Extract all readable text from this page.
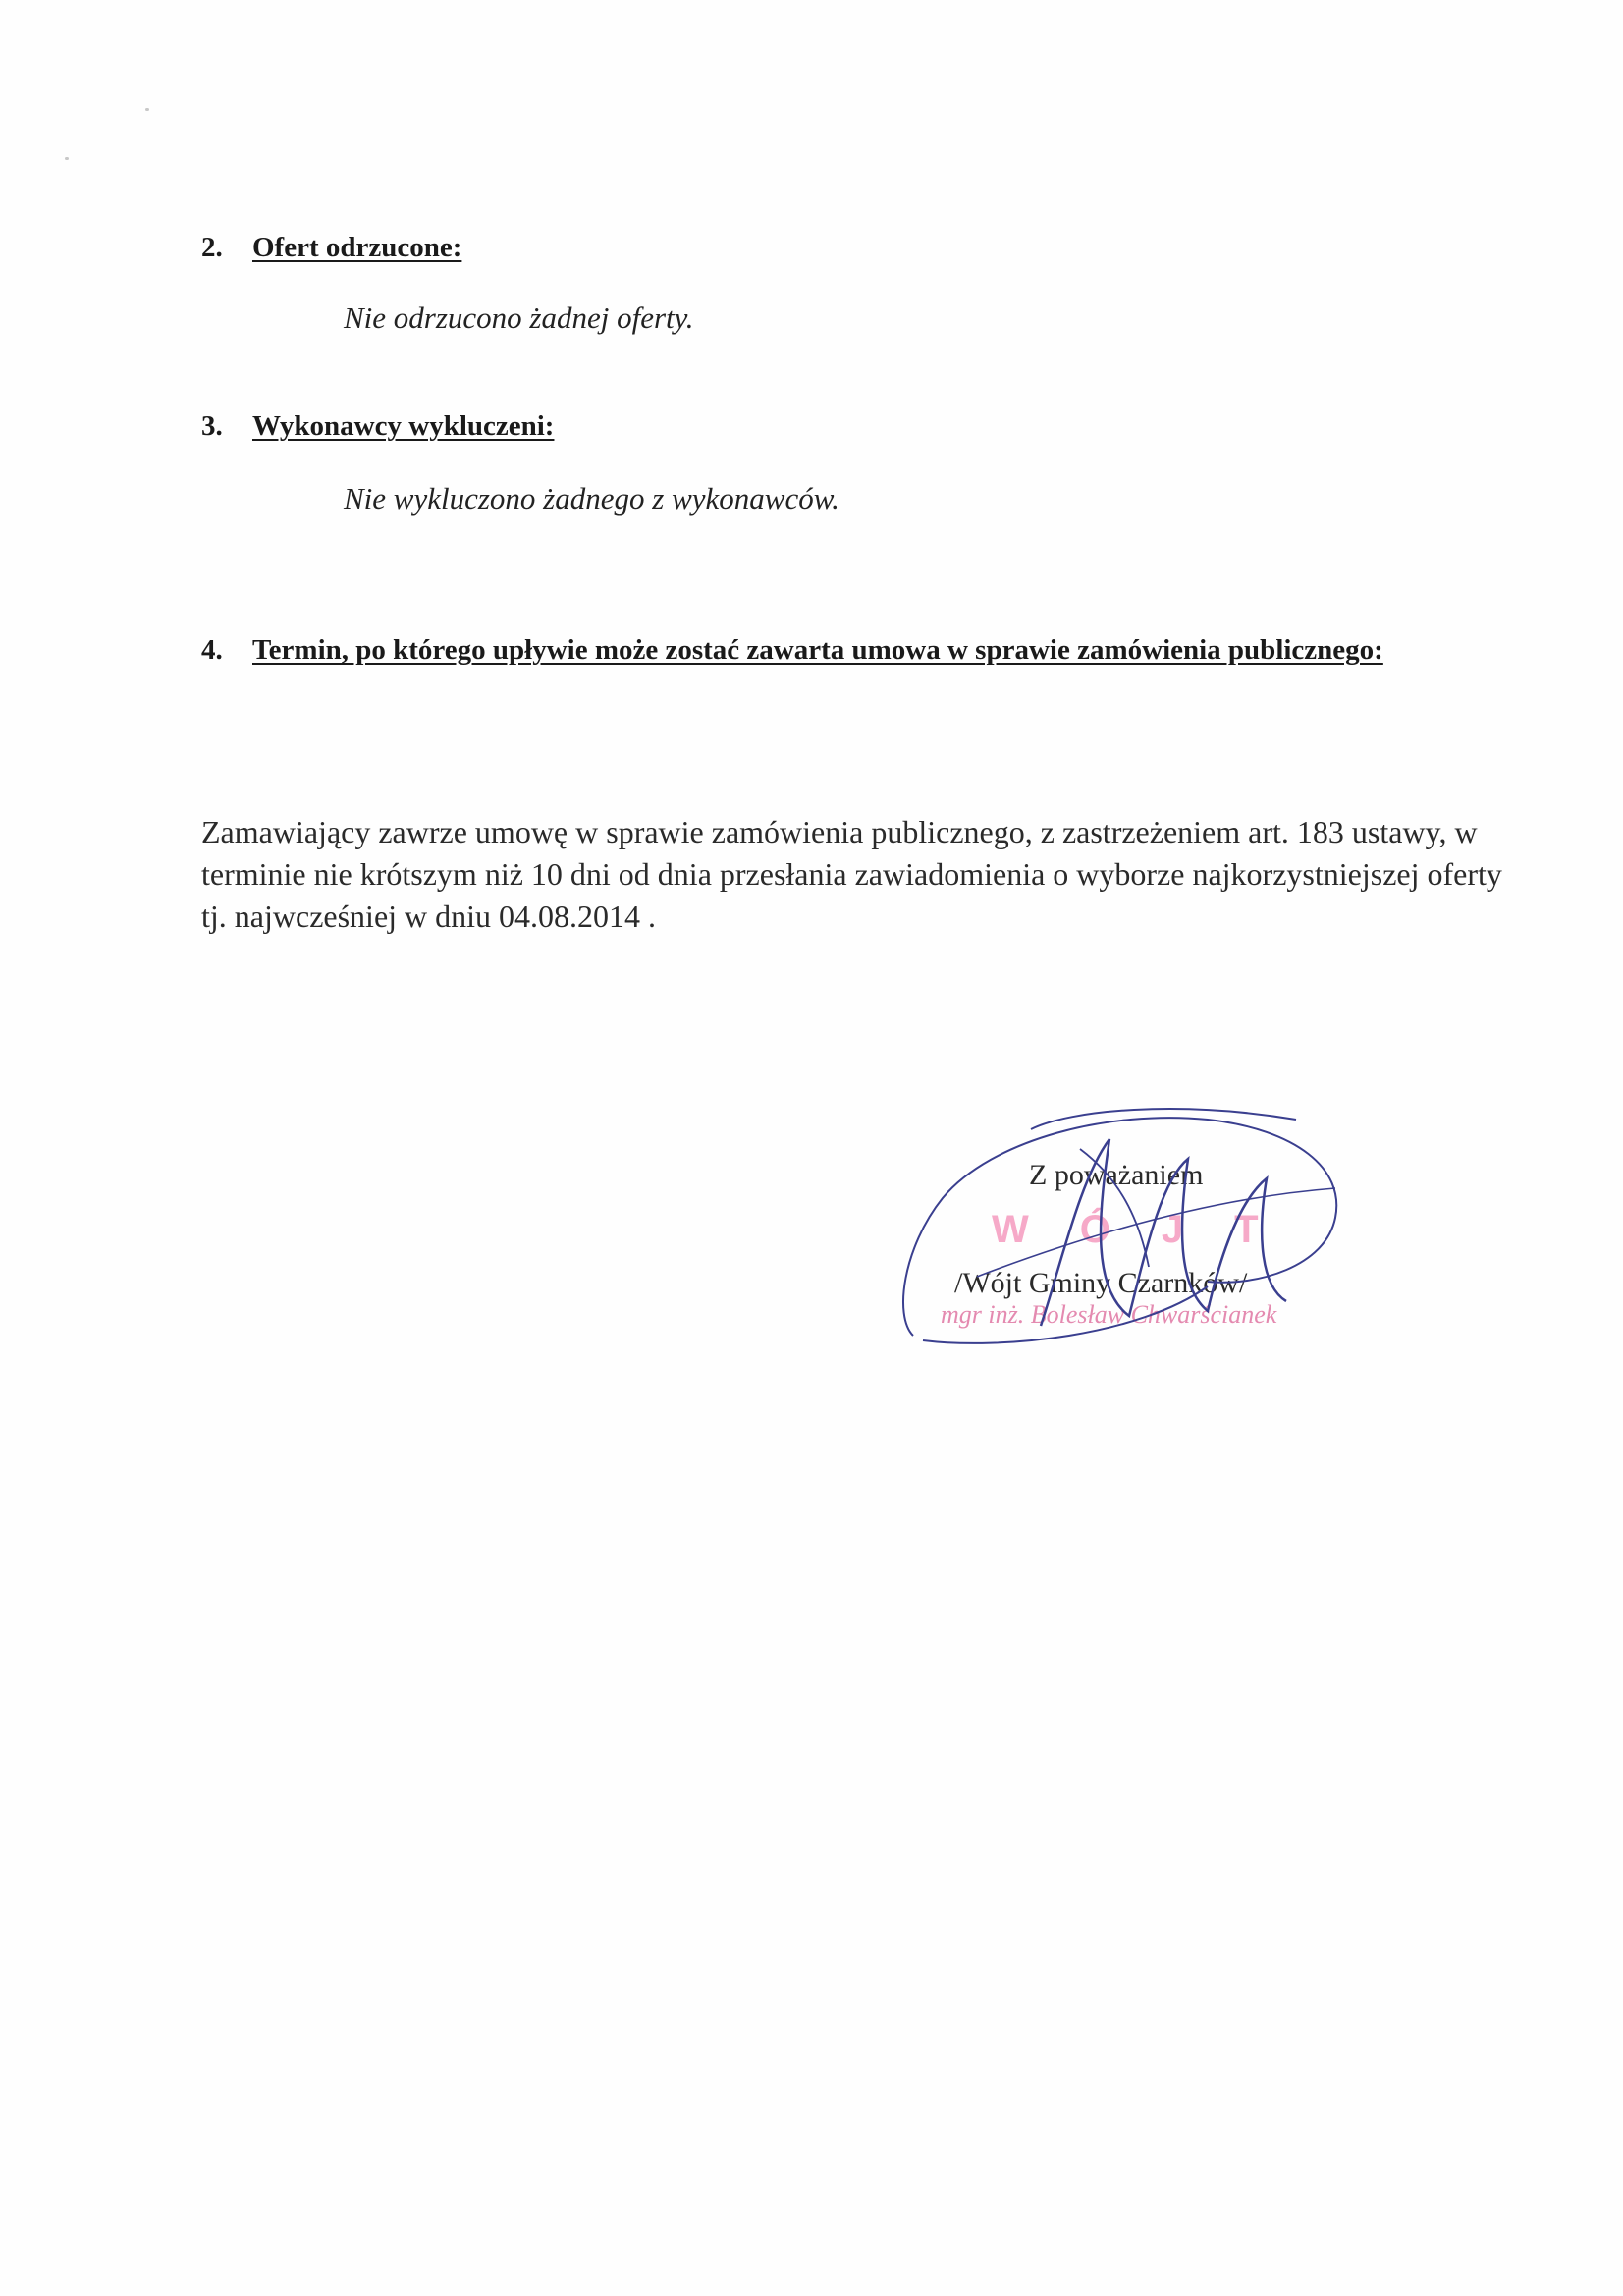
2.	Ofert odrzucone:
Nie odrzucono żadnej oferty.
3.	Wykonawcy wykluczeni:
Nie wykluczono żadnego z wykonawców.
4.	Termin, po którego upływie może zostać zawarta umowa w sprawie zamówienia publicznego:
Zamawiający zawrze umowę w sprawie zamówienia publicznego, z zastrzeżeniem art. 183 ustawy, w terminie nie krótszym niż 10 dni od dnia przesłania zawiadomienia o wyborze najkorzystniejszej oferty tj. najwcześniej w dniu 04.08.2014 .
Z poważaniem
WÓJT
/Wójt Gminy Czarnków/
mgr inż. Bolesław Chwarścianek
